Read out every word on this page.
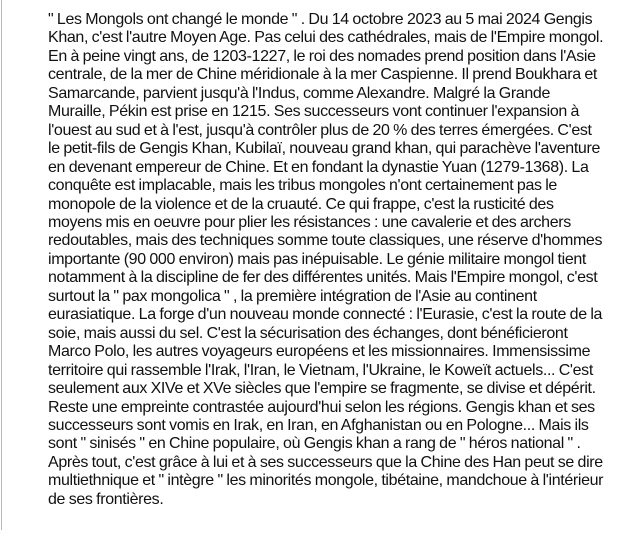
" Les Mongols ont changé le monde " . Du 14 octobre 2023 au 5 mai 2024 Gengis
Khan, c'est l'autre Moyen Age. Pas celui des cathédrales, mais de l'Empire mongol.
En à peine vingt ans, de 1203-1227, le roi des nomades prend position dans l'Asie
centrale, de la mer de Chine méridionale à la mer Caspienne. Il prend Boukhara et
Samarcande, parvient jusqu'à l'Indus, comme Alexandre. Malgré la Grande
Muraille, Pékin est prise en 1215. Ses successeurs vont continuer l'expansion à
l'ouest au sud et à l'est, jusqu'à contrôler plus de 20 % des terres émergées. C'est
le petit-fils de Gengis Khan, Kubilaï, nouveau grand khan, qui parachève l'aventure
en devenant empereur de Chine. Et en fondant la dynastie Yuan (1279-1368). La
conquête est implacable, mais les tribus mongoles n'ont certainement pas le
monopole de la violence et de la cruauté. Ce qui frappe, c'est la rusticité des
moyens mis en oeuvre pour plier les résistances : une cavalerie et des archers
redoutables, mais des techniques somme toute classiques, une réserve d'hommes
importante (90 000 environ) mais pas inépuisable. Le génie militaire mongol tient
notamment à la discipline de fer des différentes unités. Mais l'Empire mongol, c'est
surtout la " pax mongolica " , la première intégration de l'Asie au continent
eurasiatique. La forge d'un nouveau monde connecté : l'Eurasie, c'est la route de la
soie, mais aussi du sel. C'est la sécurisation des échanges, dont bénéficieront
Marco Polo, les autres voyageurs européens et les missionnaires. Immensissime
territoire qui rassemble l'Irak, l'Iran, le Vietnam, l'Ukraine, le Koweït actuels... C'est
seulement aux XIVe et XVe siècles que l'empire se fragmente, se divise et dépérit.
Reste une empreinte contrastée aujourd'hui selon les régions. Gengis khan et ses
successeurs sont vomis en Irak, en Iran, en Afghanistan ou en Pologne... Mais ils
sont " sinisés " en Chine populaire, où Gengis khan a rang de " héros national " .
Après tout, c'est grâce à lui et à ses successeurs que la Chine des Han peut se dire
multiethnique et " intègre " les minorités mongole, tibétaine, mandchoue à l'intérieur
de ses frontières.
